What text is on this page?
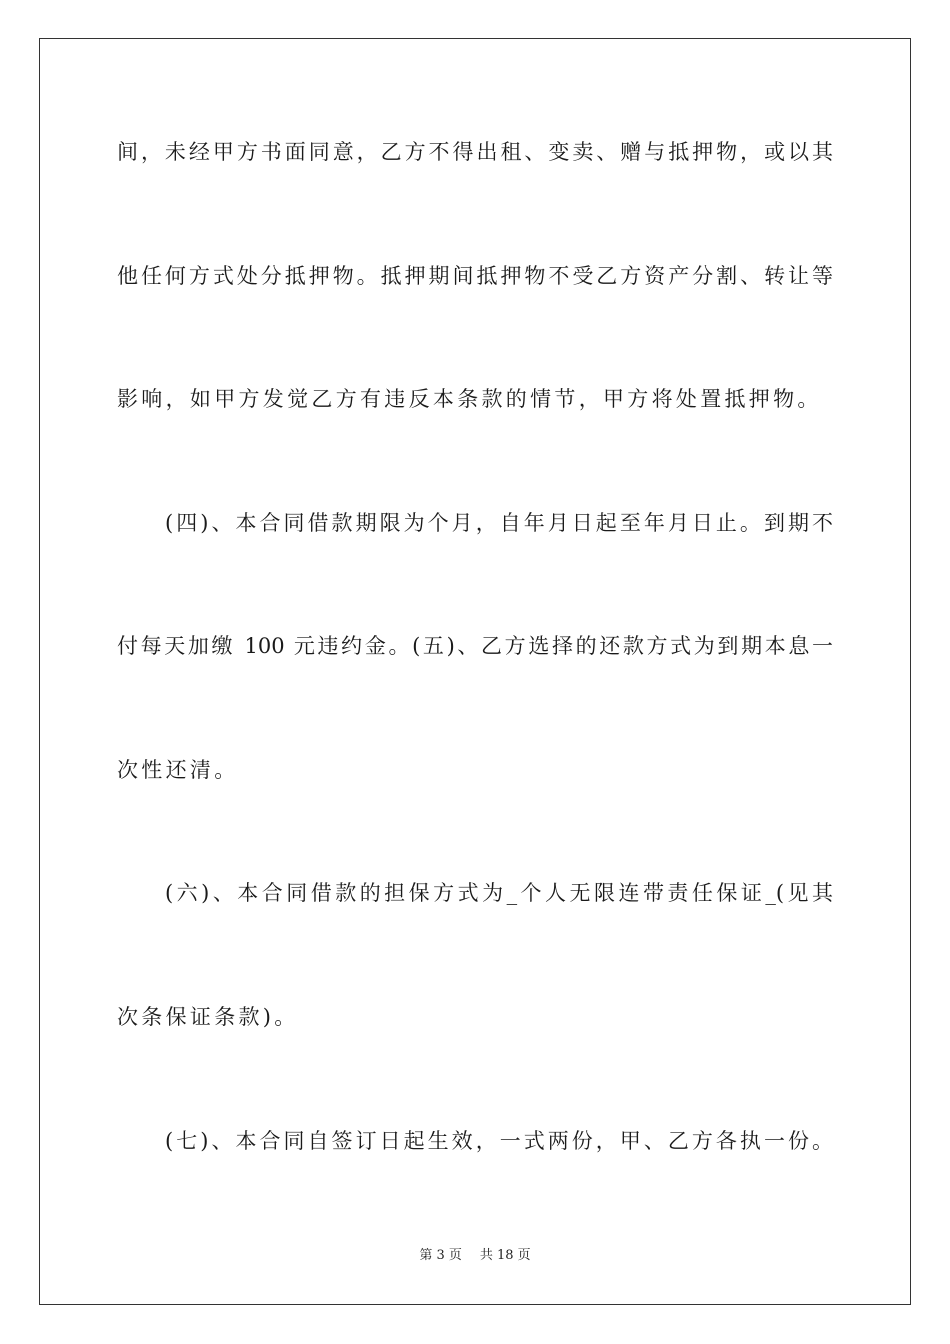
间，未经甲方书面同意，乙方不得出租、变卖、赠与抵押物，或以其
他任何方式处分抵押物。抵押期间抵押物不受乙方资产分割、转让等
影响，如甲方发觉乙方有违反本条款的情节，甲方将处置抵押物。
(四)、本合同借款期限为个月，自年月日起至年月日止。到期不
付每天加缴 100 元违约金。(五)、乙方选择的还款方式为到期本息一
次性还清。
(六)、本合同借款的担保方式为_个人无限连带责任保证_(见其
次条保证条款)。
(七)、本合同自签订日起生效，一式两份，甲、乙方各执一份。
第 3 页 共 18 页
